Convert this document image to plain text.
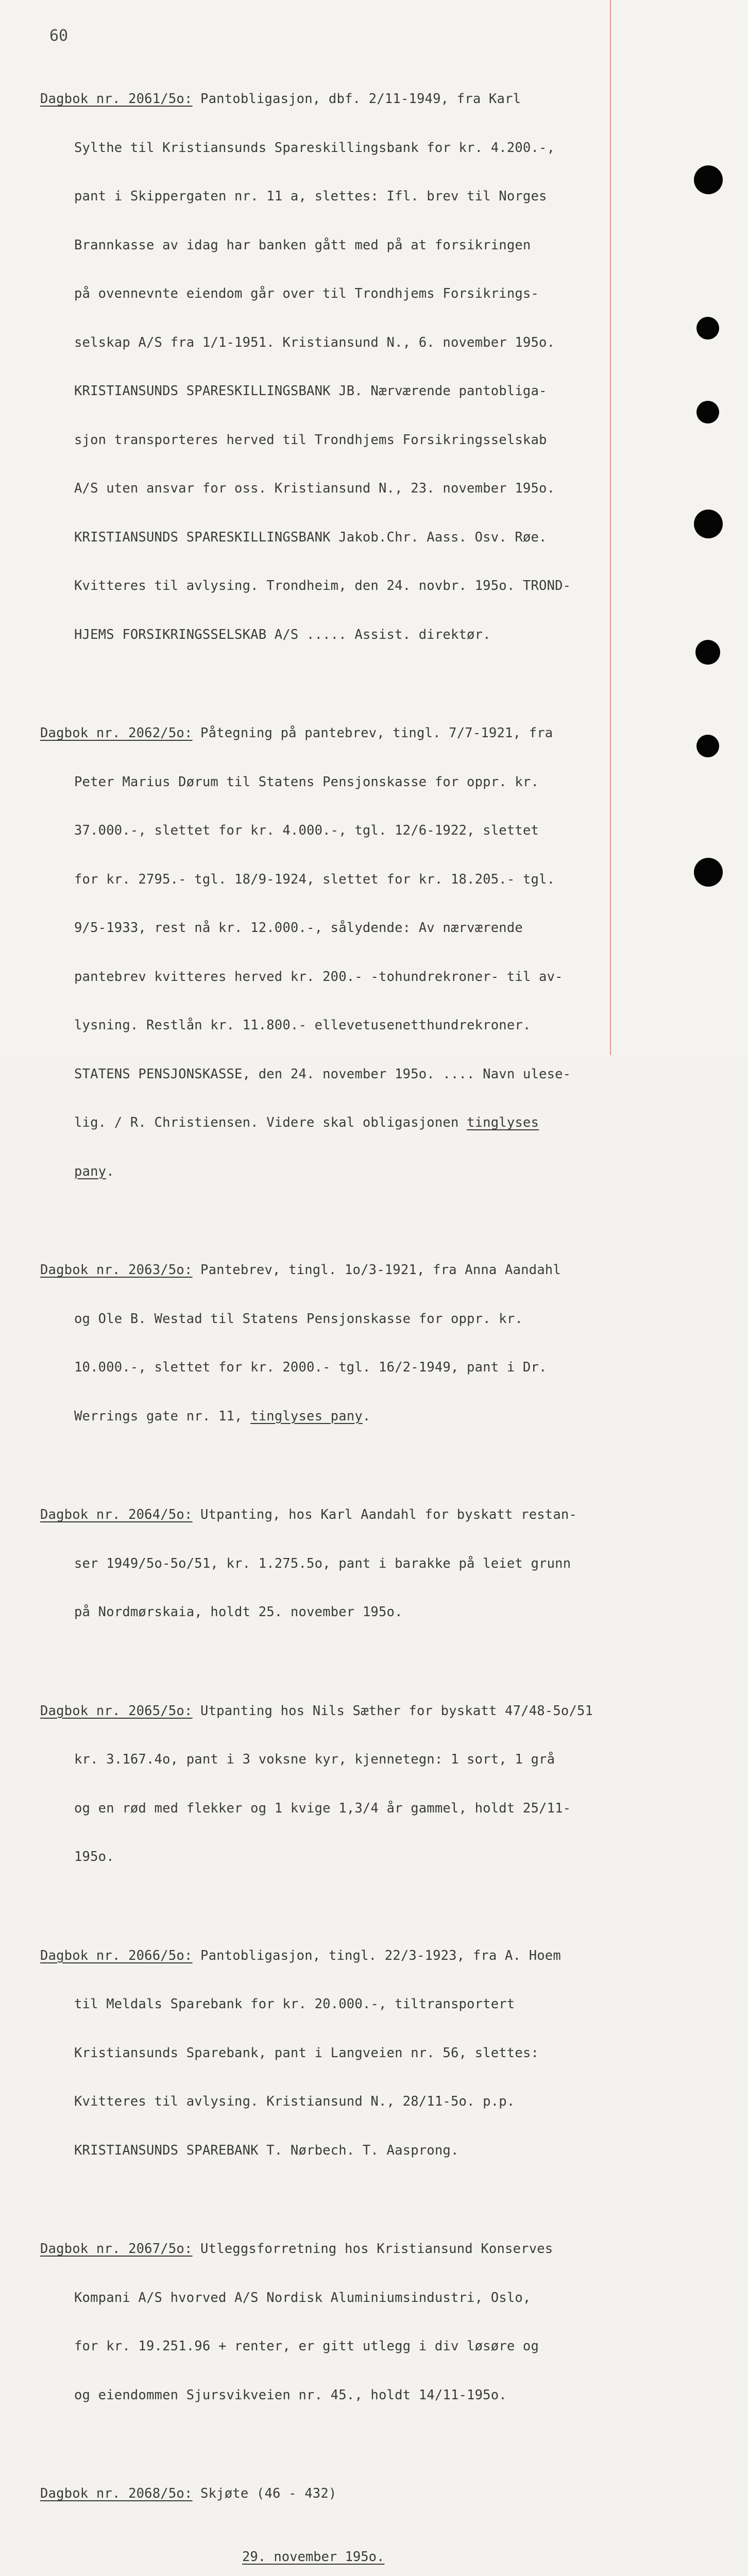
60

Dagbok nr. 2061/5o: Pantobligasjon, dbf. 2/11-1949, fra Karl

Sylthe til Kristiansunds Spareskillingsbank for kr. 4.200.-,

pant i Skippergaten nr. 11 a, slettes: Ifl. brev til Norges

Brannkasse av idag har banken gått med på at forsikringen

på ovennevnte eiendom går over til Trondhjems Forsikrings-

selskap A/S fra 1/1-1951. Kristiansund N., 6. november 195o.

KRISTIANSUNDS SPARESKILLINGSBANK JB. Nærværende pantobliga-

sjon transporteres herved til Trondhjems Forsikringsselskab

A/S uten ansvar for oss. Kristiansund N., 23. november 195o.

KRISTIANSUNDS SPARESKILLINGSBANK Jakob.Chr. Aass. Osv. Røe.

Kvitteres til avlysing. Trondheim, den 24. novbr. 195o. TROND-

HJEMS FORSIKRINGSSELSKAB A/S ..... Assist. direktør.

Dagbok nr. 2062/5o: Påtegning på pantebrev, tingl. 7/7-1921, fra

Peter Marius Dørum til Statens Pensjonskasse for oppr. kr.

37.000.-, slettet for kr. 4.000.-, tgl. 12/6-1922, slettet

for kr. 2795.- tgl. 18/9-1924, slettet for kr. 18.205.- tgl.

9/5-1933, rest nå kr. 12.000.-, sålydende: Av nærværende

pantebrev kvitteres herved kr. 200.- -tohundrekroner- til av-

lysning. Restlån kr. 11.800.- ellevetusenetthundrekroner.

STATENS PENSJONSKASSE, den 24. november 195o. .... Navn ulese-

lig. / R. Christiensen. Videre skal obligasjonen tinglyses

pany.

Dagbok nr. 2063/5o: Pantebrev, tingl. 1o/3-1921, fra Anna Aandahl

og Ole B. Westad til Statens Pensjonskasse for oppr. kr.

10.000.-, slettet for kr. 2000.- tgl. 16/2-1949, pant i Dr.

Werrings gate nr. 11, tinglyses pany.

Dagbok nr. 2064/5o: Utpanting, hos Karl Aandahl for byskatt restan-

ser 1949/5o-5o/51, kr. 1.275.5o, pant i barakke på leiet grunn

på Nordmørskaia, holdt 25. november 195o.

Dagbok nr. 2065/5o: Utpanting hos Nils Sæther for byskatt 47/48-5o/51

kr. 3.167.4o, pant i 3 voksne kyr, kjennetegn: 1 sort, 1 grå

og en rød med flekker og 1 kvige 1,3/4 år gammel, holdt 25/11-

195o.

Dagbok nr. 2066/5o: Pantobligasjon, tingl. 22/3-1923, fra A. Hoem

til Meldals Sparebank for kr. 20.000.-, tiltransportert

Kristiansunds Sparebank, pant i Langveien nr. 56, slettes:

Kvitteres til avlysing. Kristiansund N., 28/11-5o. p.p.

KRISTIANSUNDS SPAREBANK T. Nørbech. T. Aasprong.

Dagbok nr. 2067/5o: Utleggsforretning hos Kristiansund Konserves

Kompani A/S hvorved A/S Nordisk Aluminiumsindustri, Oslo,

for kr. 19.251.96 + renter, er gitt utlegg i div løsøre og

og eiendommen Sjursvikveien nr. 45., holdt 14/11-195o.

Dagbok nr. 2068/5o: Skjøte (46 - 432)

29. november 195o.
